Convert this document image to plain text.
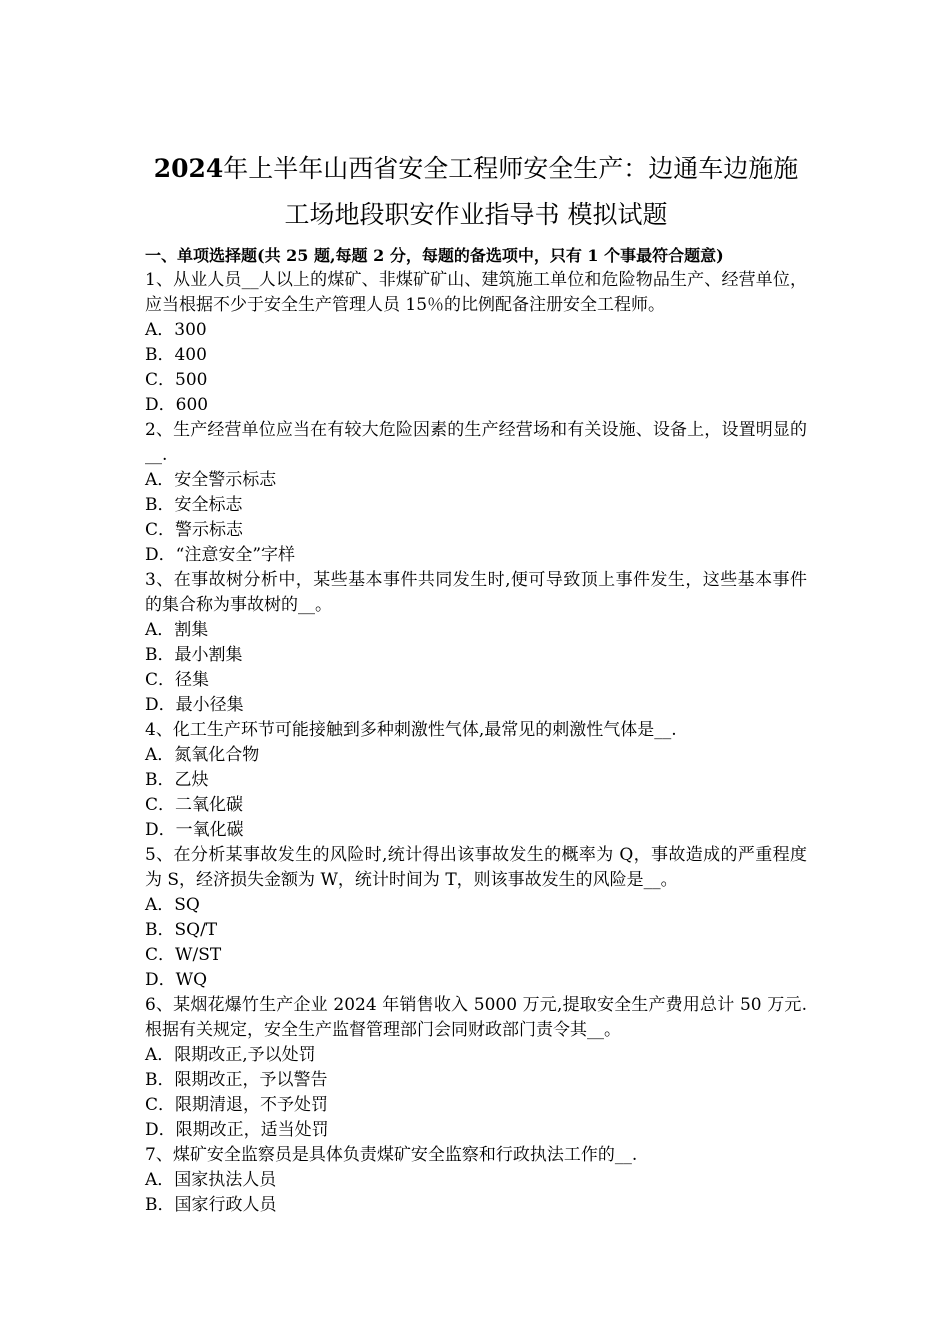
2024年上半年山西省安全工程师安全生产：边通车边施施
工场地段职安作业指导书 模拟试题
一、单项选择题(共 25 题,每题 2 分，每题的备选项中，只有 1 个事最符合题意)
1、从业人员__人以上的煤矿、非煤矿矿山、建筑施工单位和危险物品生产、经营单位，应当根据不少于安全生产管理人员 15％的比例配备注册安全工程师。
A．300
B．400
C．500
D．600
2、生产经营单位应当在有较大危险因素的生产经营场和有关设施、设备上，设置明显的__.
A．安全警示标志
B．安全标志
C．警示标志
D．“注意安全”字样
3、在事故树分析中，某些基本事件共同发生时,便可导致顶上事件发生，这些基本事件的集合称为事故树的__。
A．割集
B．最小割集
C．径集
D．最小径集
4、化工生产环节可能接触到多种刺激性气体,最常见的刺激性气体是__.
A．氮氧化合物
B．乙炔
C．二氧化碳
D．一氧化碳
5、在分析某事故发生的风险时,统计得出该事故发生的概率为 Q，事故造成的严重程度为 S，经济损失金额为 W，统计时间为 T，则该事故发生的风险是__。
A．SQ
B．SQ/T
C．W/ST
D．WQ
6、某烟花爆竹生产企业 2024 年销售收入 5000 万元,提取安全生产费用总计 50 万元.根据有关规定，安全生产监督管理部门会同财政部门责令其__。
A．限期改正,予以处罚
B．限期改正，予以警告
C．限期清退，不予处罚
D．限期改正，适当处罚
7、煤矿安全监察员是具体负责煤矿安全监察和行政执法工作的__.
A．国家执法人员
B．国家行政人员
